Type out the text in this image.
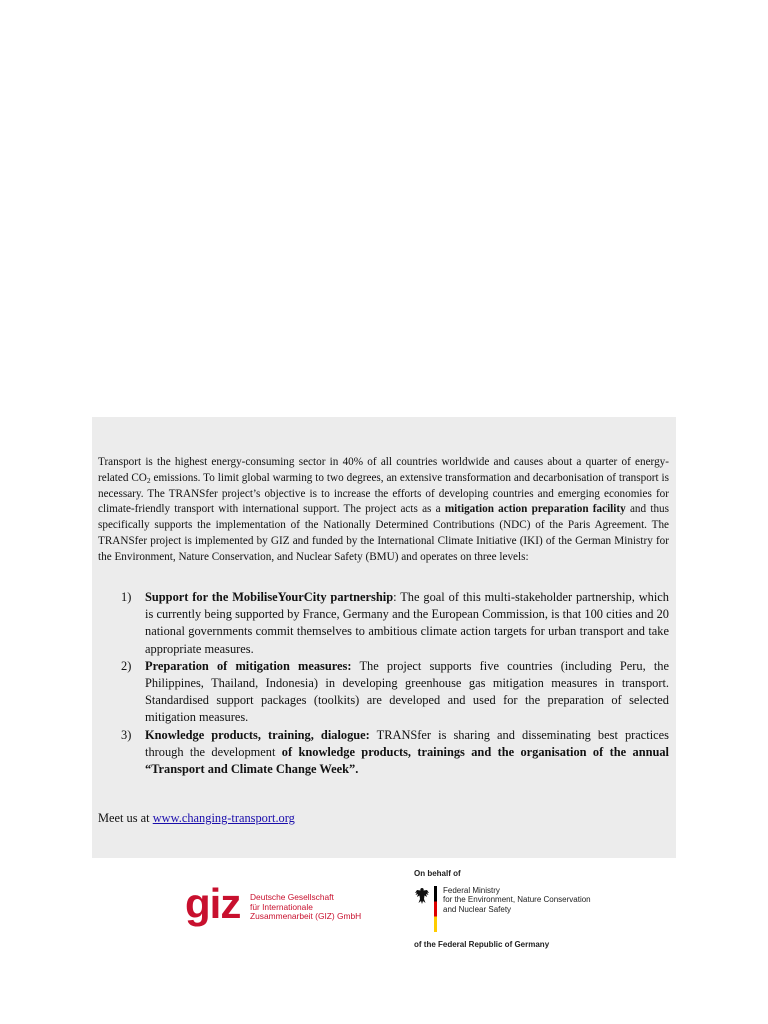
Transport is the highest energy-consuming sector in 40% of all countries worldwide and causes about a quarter of energy-related $CO_2$ emissions. To limit global warming to two degrees, an extensive transformation and decarbonisation of transport is necessary. The TRANSfer project’s objective is to increase the efforts of developing countries and emerging economies for climate-friendly transport with international support. The project acts as a mitigation action preparation facility and thus specifically supports the implementation of the Nationally Determined Contributions (NDC) of the Paris Agreement. The TRANSfer project is implemented by GIZ and funded by the International Climate Initiative (IKI) of the German Ministry for the Environment, Nature Conservation, and Nuclear Safety (BMU) and operates on three levels:
1) Support for the MobiliseYourCity partnership: The goal of this multi-stakeholder partnership, which is currently being supported by France, Germany and the European Commission, is that 100 cities and 20 national governments commit themselves to ambitious climate action targets for urban transport and take appropriate measures.
2) Preparation of mitigation measures: The project supports five countries (including Peru, the Philippines, Thailand, Indonesia) in developing greenhouse gas mitigation measures in transport. Standardised support packages (toolkits) are developed and used for the preparation of selected mitigation measures.
3) Knowledge products, training, dialogue: TRANSfer is sharing and disseminating best practices through the development of knowledge products, trainings and the organisation of the annual “Transport and Climate Change Week”.
Meet us at www.changing-transport.org
giz Deutsche Gesellschaft
für Internationale
Zusammenarbeit (GIZ) GmbH
On behalf of
Federal Ministry
for the Environment, Nature Conservation
and Nuclear Safety
of the Federal Republic of Germany
